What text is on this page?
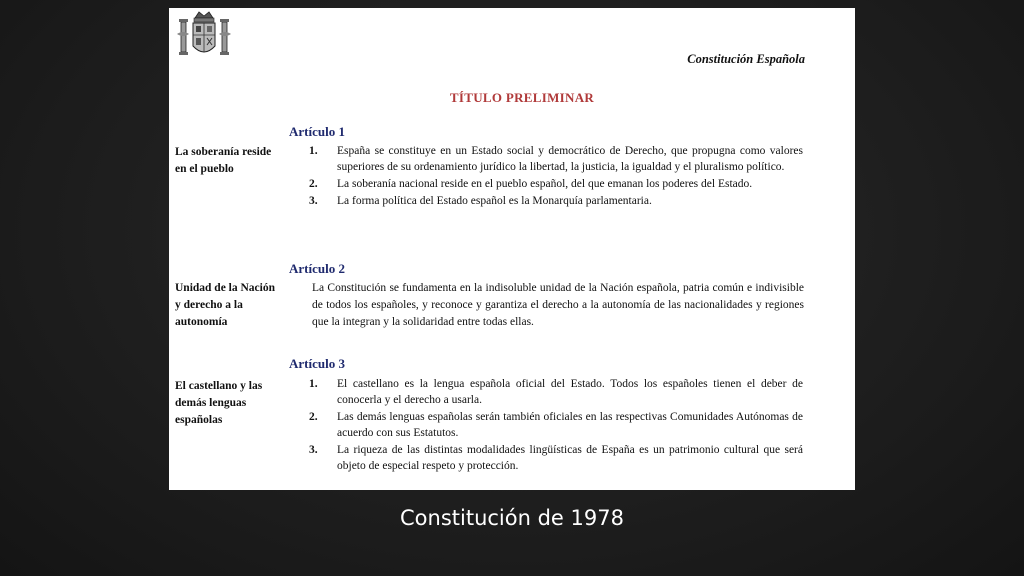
Constitución Española
TÍTULO PRELIMINAR
Artículo 1
La soberanía reside en el pueblo
1. España se constituye en un Estado social y democrático de Derecho, que propugna como valores superiores de su ordenamiento jurídico la libertad, la justicia, la igualdad y el pluralismo político.
2. La soberanía nacional reside en el pueblo español, del que emanan los poderes del Estado.
3. La forma política del Estado español es la Monarquía parlamentaria.
Artículo 2
Unidad de la Nación y derecho a la autonomía
La Constitución se fundamenta en la indisoluble unidad de la Nación española, patria común e indivisible de todos los españoles, y reconoce y garantiza el derecho a la autonomía de las nacionalidades y regiones que la integran y la solidaridad entre todas ellas.
Artículo 3
El castellano y las demás lenguas españolas
1. El castellano es la lengua española oficial del Estado. Todos los españoles tienen el deber de conocerla y el derecho a usarla.
2. Las demás lenguas españolas serán también oficiales en las respectivas Comunidades Autónomas de acuerdo con sus Estatutos.
3. La riqueza de las distintas modalidades lingüísticas de España es un patrimonio cultural que será objeto de especial respeto y protección.
Constitución de 1978
